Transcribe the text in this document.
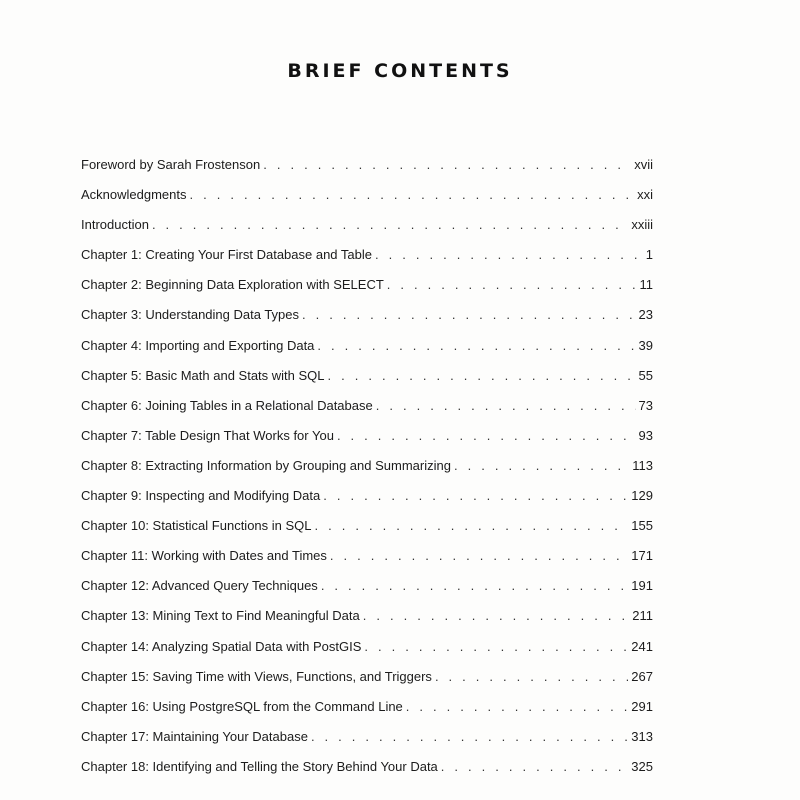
BRIEF CONTENTS
Foreword by Sarah Frostenson . . .	xvii
Acknowledgments . . .	xxi
Introduction . . .	xxiii
Chapter 1: Creating Your First Database and Table . . .	1
Chapter 2: Beginning Data Exploration with SELECT . . .	11
Chapter 3: Understanding Data Types . . .	23
Chapter 4: Importing and Exporting Data . . .	39
Chapter 5: Basic Math and Stats with SQL . . .	55
Chapter 6: Joining Tables in a Relational Database . . .	73
Chapter 7: Table Design That Works for You . . .	93
Chapter 8: Extracting Information by Grouping and Summarizing . . .	113
Chapter 9: Inspecting and Modifying Data . . .	129
Chapter 10: Statistical Functions in SQL . . .	155
Chapter 11: Working with Dates and Times . . .	171
Chapter 12: Advanced Query Techniques . . .	191
Chapter 13: Mining Text to Find Meaningful Data . . .	211
Chapter 14: Analyzing Spatial Data with PostGIS . . .	241
Chapter 15: Saving Time with Views, Functions, and Triggers . . .	267
Chapter 16: Using PostgreSQL from the Command Line . . .	291
Chapter 17: Maintaining Your Database . . .	313
Chapter 18: Identifying and Telling the Story Behind Your Data . . .	325
